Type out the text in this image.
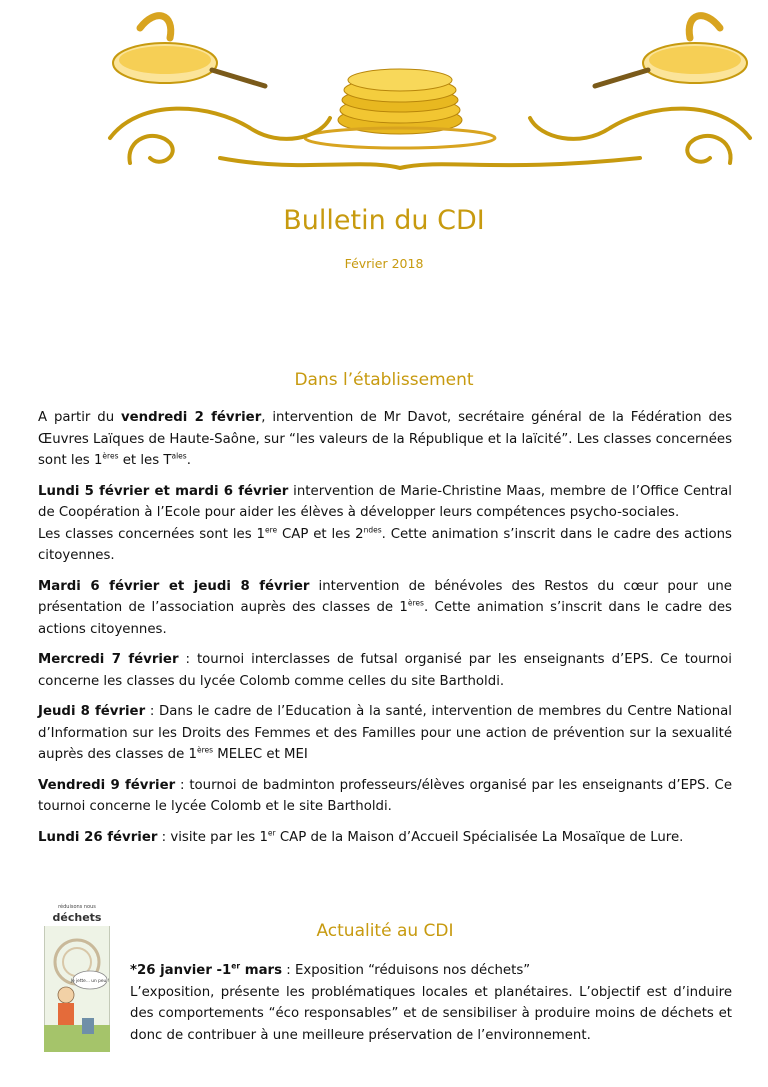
Bulletin du CDI
Février 2018
Dans l’établissement

A partir du vendredi 2 février, intervention de Mr Davot, secrétaire général de la Fédération des Œuvres Laïques de Haute-Saône, sur “les valeurs de la République et la laïcité”. Les classes concernées sont les 1ères et les $T^{ales}$.

Lundi 5 février et mardi 6 février intervention de Marie-Christine Maas, membre de l’Office Central de Coopération à l’Ecole pour aider les élèves à développer leurs compétences psycho-sociales.
Les classes concernées sont les 1ere CAP et les $2^{ndes}$. Cette animation s’inscrit dans le cadre des actions citoyennes.

Mardi 6 février et jeudi 8 février intervention de bénévoles des Restos du cœur pour une présentation de l’association auprès des classes de 1ères. Cette animation s’inscrit dans le cadre des actions citoyennes.

Mercredi 7 février : tournoi interclasses de futsal organisé par les enseignants d’EPS. Ce tournoi concerne les classes du lycée Colomb comme celles du site Bartholdi.

Jeudi 8 février : Dans le cadre de l’Education à la santé, intervention de membres du Centre National d’Information sur les Droits des Femmes et des Familles pour une action de prévention sur la sexualité auprès des classes de 1ères MELEC et MEI

Vendredi 9 février : tournoi de badminton professeurs/élèves organisé par les enseignants d’EPS. Ce tournoi concerne le lycée Colomb et le site Bartholdi.

Lundi 26 février : visite par les 1er CAP de la Maison d’Accueil Spécialisée La Mosaïque de Lure.

réduisons nous
déchets
Je jette... un peu !
Actualité au CDI

*26 janvier -1er mars : Exposition “réduisons nos déchets”
L’exposition, présente les problématiques locales et planétaires. L’objectif est d’induire des comportements “éco responsables” et de sensibiliser à produire moins de déchets et donc de contribuer à une meilleure préservation de l’environnement.
